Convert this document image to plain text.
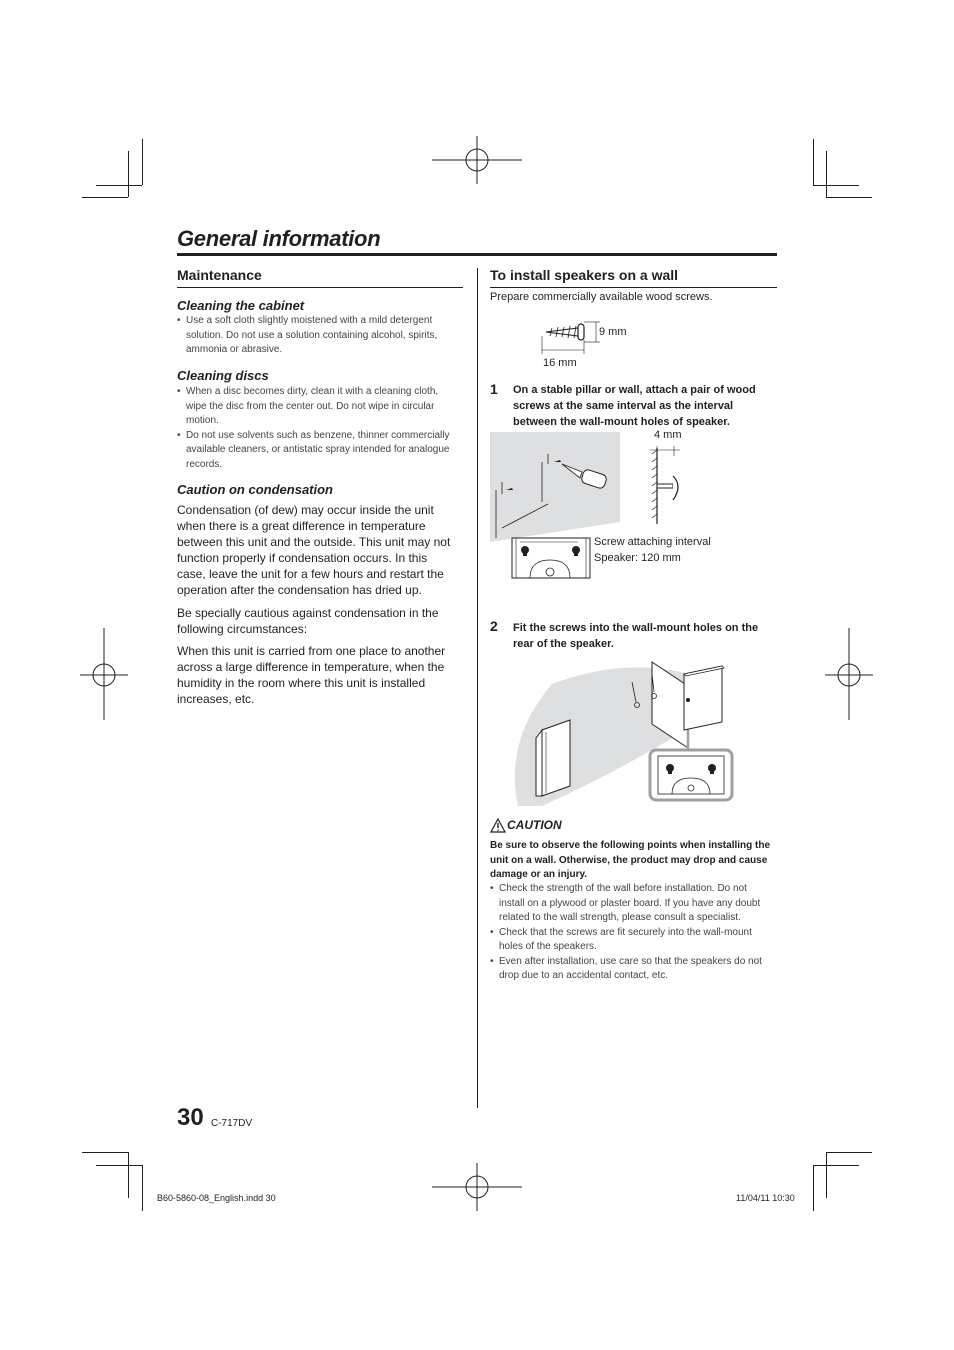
General information
Maintenance
Cleaning the cabinet
• Use a soft cloth slightly moistened with a mild detergent solution. Do not use a solution containing alcohol, spirits, ammonia or abrasive.
Cleaning discs
• When a disc becomes dirty, clean it with a cleaning cloth, wipe the disc from the center out. Do not wipe in circular motion.
• Do not use solvents such as benzene, thinner commercially available cleaners, or antistatic spray intended for analogue records.
Caution on condensation

Condensation (of dew) may occur inside the unit when there is a great difference in temperature between this unit and the outside. This unit may not function properly if condensation occurs. In this case, leave the unit for a few hours and restart the operation after the condensation has dried up.

Be specially cautious against condensation in the following circumstances:

When this unit is carried from one place to another across a large difference in temperature, when the humidity in the room where this unit is installed increases, etc.

To install speakers on a wall

Prepare commercially available wood screws.

9 mm
16 mm
1 On a stable pillar or wall, attach a pair of wood screws at the same interval as the interval between the wall-mount holes of speaker.
4 mm
Screw attaching interval
Speaker: 120 mm
2 Fit the screws into the wall-mount holes on the rear of the speaker.
CAUTION

Be sure to observe the following points when installing the unit on a wall. Otherwise, the product may drop and cause damage or an injury.

• Check the strength of the wall before installation. Do not install on a plywood or plaster board. If you have any doubt related to the wall strength, please consult a specialist.
• Check that the screws are fit securely into the wall-mount holes of the speakers.
• Even after installation, use care so that the speakers do not drop due to an accidental contact, etc.
30 C-717DV
B60-5860-08_English.indd 30	11/04/11 10:30
